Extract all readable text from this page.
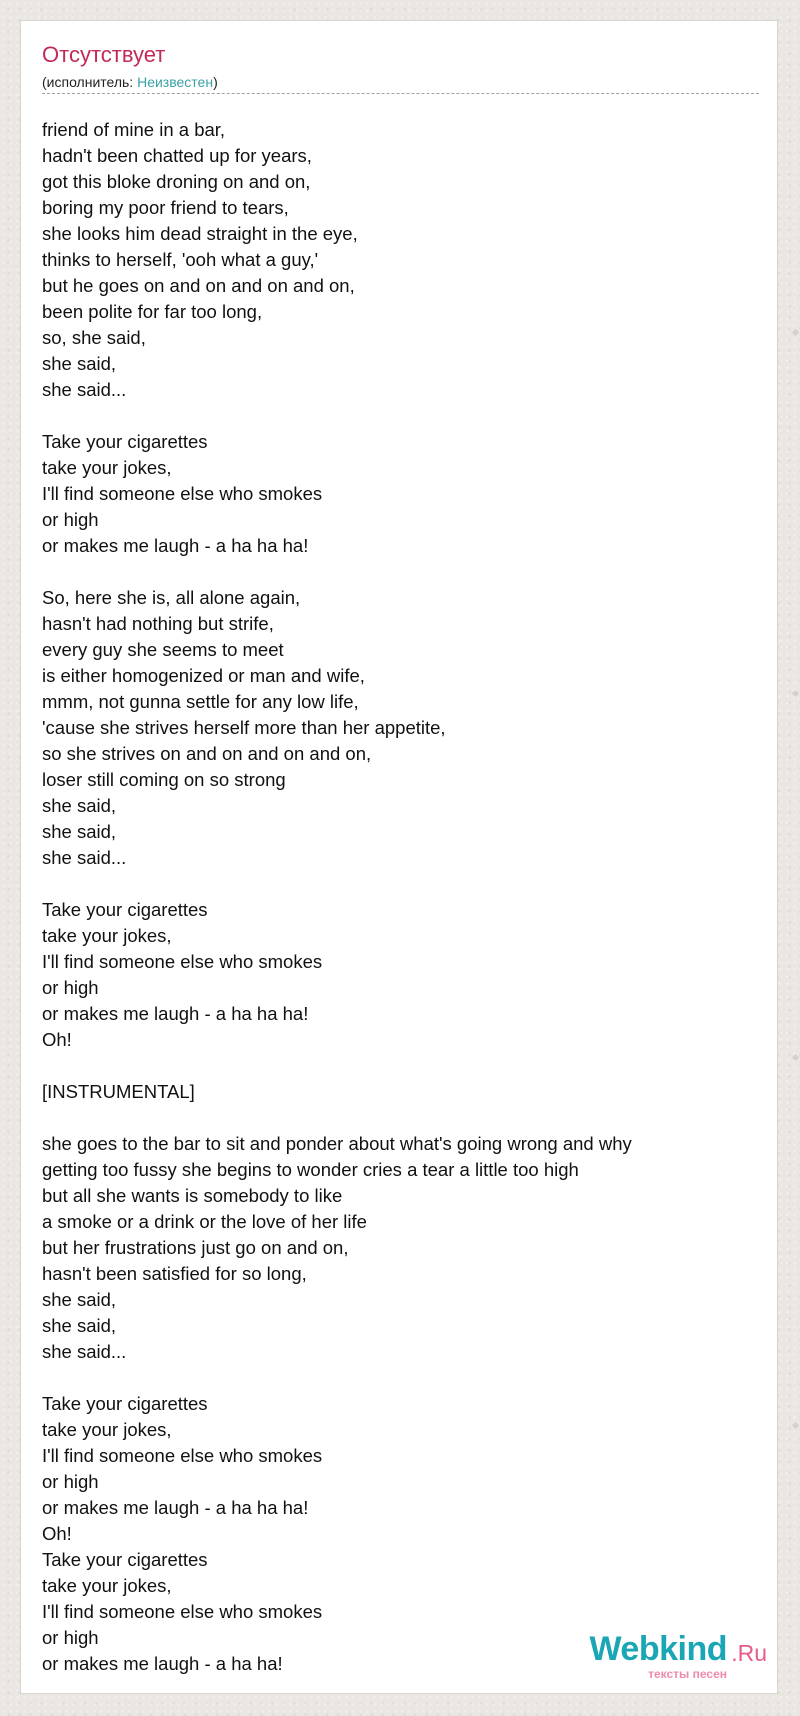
Отсутствует
(исполнитель: Неизвестен)
friend of mine in a bar,
hadn't been chatted up for years,
got this bloke droning on and on,
boring my poor friend to tears,
she looks him dead straight in the eye,
thinks to herself, 'ooh what a guy,'
but he goes on and on and on and on,
been polite for far too long,
so, she said,
she said,
she said...

Take your cigarettes
take your jokes,
I'll find someone else who smokes
or high
or makes me laugh - a ha ha ha!

So, here she is, all alone again,
hasn't had nothing but strife,
every guy she seems to meet
is either homogenized or man and wife,
mmm, not gunna settle for any low life,
'cause she strives herself more than her appetite,
so she strives on and on and on and on,
loser still coming on so strong
she said,
she said,
she said...

Take your cigarettes
take your jokes,
I'll find someone else who smokes
or high
or makes me laugh - a ha ha ha!
Oh!

[INSTRUMENTAL]

she goes to the bar to sit and ponder about what's going wrong and why
getting too fussy she begins to wonder cries a tear a little too high
but all she wants is somebody to like
a smoke or a drink or the love of her life
but her frustrations just go on and on,
hasn't been satisfied for so long,
she said,
she said,
she said...

Take your cigarettes
take your jokes,
I'll find someone else who smokes
or high
or makes me laugh - a ha ha ha!
Oh!
Take your cigarettes
take your jokes,
I'll find someone else who smokes
or high
or makes me laugh - a ha ha!	Webkind .Ru
тексты песен
